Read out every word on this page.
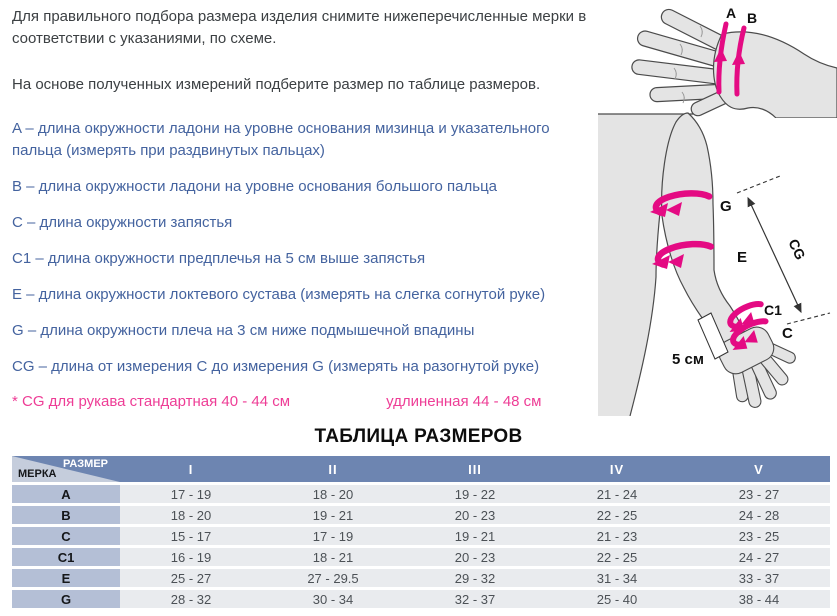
Для правильного подбора размера изделия снимите нижеперечисленные мерки в соответствии с указаниями, по схеме.

На основе полученных измерений подберите размер по таблице размеров.

A – длина окружности ладони на уровне основания мизинца и указательного пальца (измерять при раздвинутых пальцах)
B – длина окружности ладони на уровне основания большого пальца
C – длина окружности запястья
C1 – длина окружности предплечья на 5 см выше запястья
E – длина окружности локтевого сустава (измерять на слегка согнутой руке)
G – длина окружности плеча на 3 см ниже подмышечной впадины
CG – длина от измерения C до измерения G (измерять на разогнутой руке)
* CG для рукава стандартная 40 - 44 см	удлиненная 44 - 48 см
ТАБЛИЦА РАЗМЕРОВ
РАЗМЕР
МЕРКА	I	II	III	IV	V
А	17 - 19	18 - 20	19 - 22	21 - 24	23 - 27
В	18 - 20	19 - 21	20 - 23	22 - 25	24 - 28
С	15 - 17	17 - 19	19 - 21	21 - 23	23 - 25
C1	16 - 19	18 - 21	20 - 23	22 - 25	24 - 27
Е	25 - 27	27 - 29.5	29 - 32	31 - 34	33 - 37
G	28 - 32	30 - 34	32 - 37	25 - 40	38 - 44
A B
G
E
C1
C
CG
5 см
